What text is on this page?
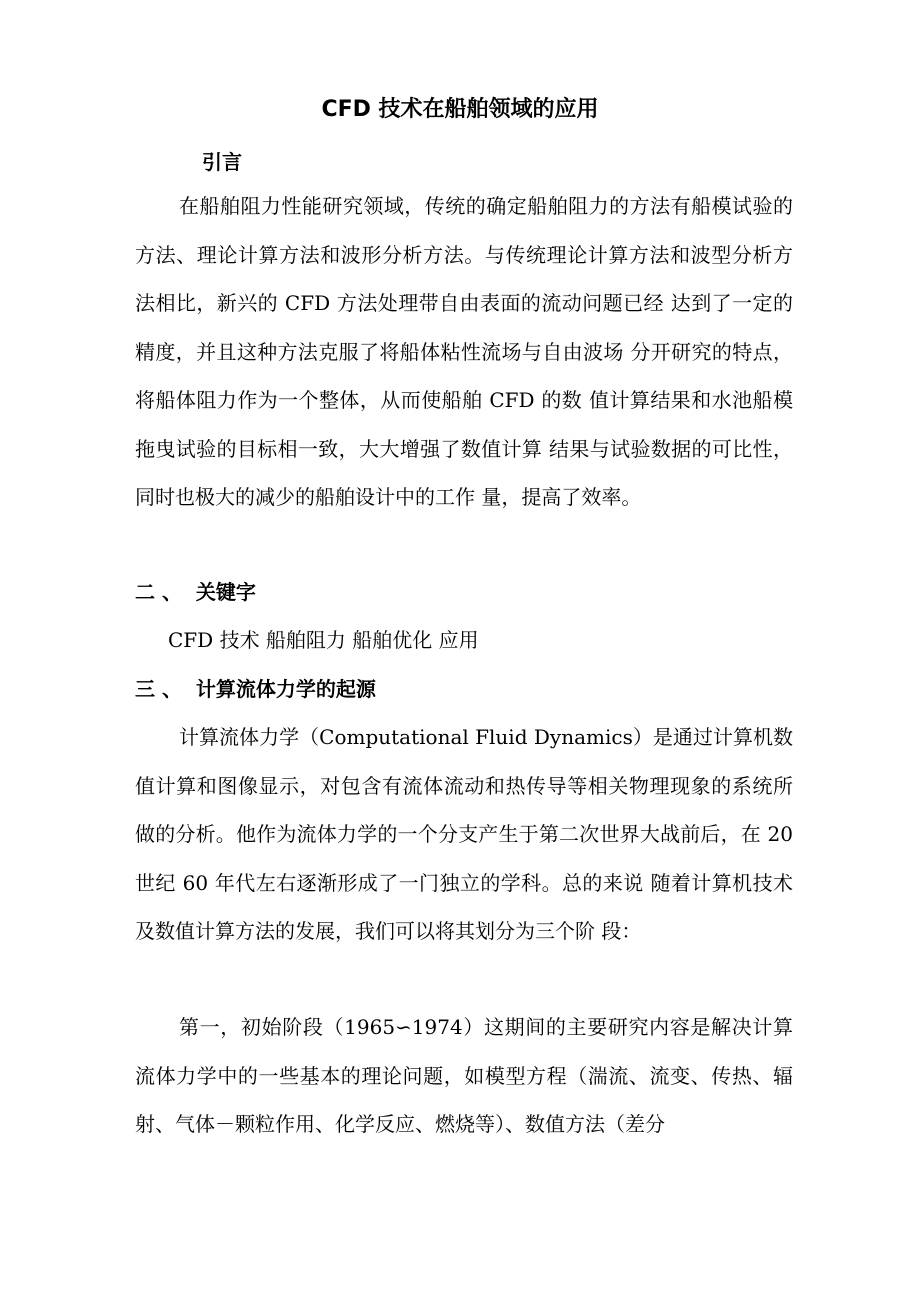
CFD 技术在船舶领域的应用
引言

在船舶阻力性能研究领域，传统的确定船舶阻力的方法有船模试验的方法、理论计算方法和波形分析方法。与传统理论计算方法和波型分析方法相比，新兴的 CFD 方法处理带自由表面的流动问题已经 达到了一定的精度，并且这种方法克服了将船体粘性流场与自由波场 分开研究的特点，将船体阻力作为一个整体，从而使船舶 CFD 的数 值计算结果和水池船模拖曳试验的目标相一致，大大增强了数值计算 结果与试验数据的可比性，同时也极大的减少的船舶设计中的工作 量，提高了效率。

二 、 关键字
CFD 技术 船舶阻力 船舶优化 应用
三 、 计算流体力学的起源

计算流体力学（Computational Fluid Dynamics）是通过计算机数值计算和图像显示，对包含有流体流动和热传导等相关物理现象的系统所做的分析。他作为流体力学的一个分支产生于第二次世界大战前后，在 20 世纪 60 年代左右逐渐形成了一门独立的学科。总的来说 随着计算机技术及数值计算方法的发展，我们可以将其划分为三个阶 段：

第一，初始阶段（1965∽1974）这期间的主要研究内容是解决计算流体力学中的一些基本的理论问题，如模型方程（湍流、流变、传热、辐射、气体－颗粒作用、化学反应、燃烧等）、数值方法（差分
